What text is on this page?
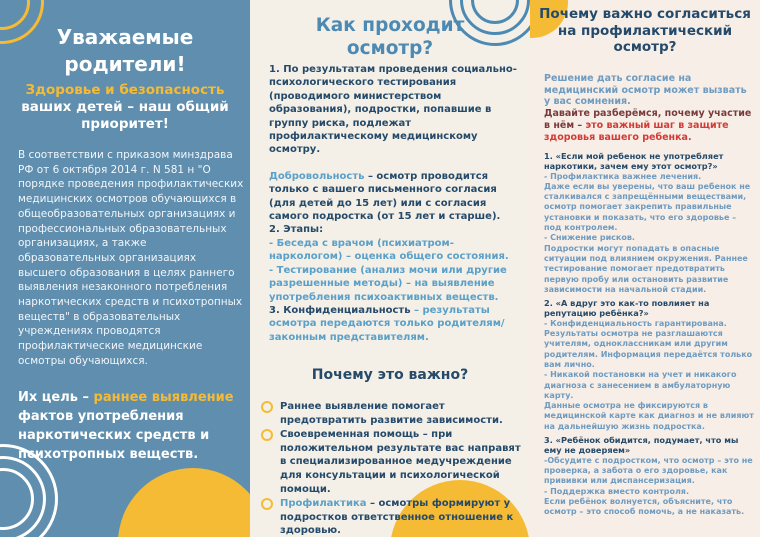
Уважаемые
родители!
Здоровье и безопасность ваших детей – наш общий приоритет!
В соответствии с приказом минздрава РФ от 6 октября 2014 г. N 581 н "О порядке проведения профилактических медицинских осмотров обучающихся в общеобразовательных организациях и профессиональных образовательных организациях, а также образовательных организациях высшего образования в целях раннего выявления незаконного потребления наркотических средств и психотропных веществ" в образовательных учреждениях проводятся профилактические медицинские осмотры обучающихся.
Их цель – раннее выявление фактов употребления наркотических средств и психотропных веществ.
Как проходит
осмотр?
1. По результатам проведения социально-психологического тестирования (проводимого министерством образования), подростки, попавшие в группу риска, подлежат профилактическому медицинскому осмотру.
Добровольность – осмотр проводится только с вашего письменного согласия (для детей до 15 лет) или с согласия самого подростка (от 15 лет и старше).
2. Этапы:
- Беседа с врачом (психиатром-наркологом) – оценка общего состояния.
- Тестирование (анализ мочи или другие разрешенные методы) – на выявление употребления психоактивных веществ.
3. Конфиденциальность – результаты осмотра передаются только родителям/законным представителям.
Почему это важно?
Раннее выявление помогает предотвратить развитие зависимости.
Своевременная помощь – при положительном результате вас направят в специализированное медучреждение для консультации и психологической помощи.
Профилактика – осмотры формируют у подростков ответственное отношение к здоровью.
Почему важно согласиться на профилактический осмотр?
Решение дать согласие на медицинский осмотр может вызвать у вас сомнения.
Давайте разберёмся, почему участие в нём – это важный шаг в защите здоровья вашего ребенка.
1. «Если мой ребенок не употребляет наркотики, зачем ему этот осмотр?»
- Профилактика важнее лечения.
Даже если вы уверены, что ваш ребенок не сталкивался с запрещёнными веществами, осмотр помогает закрепить правильные установки и показать, что его здоровье – под контролем.
- Снижение рисков.
Подростки могут попадать в опасные ситуации под влиянием окружения. Раннее тестирование помогает предотвратить первую пробу или остановить развитие зависимости на начальной стадии.
2. «А вдруг это как-то повлияет на репутацию ребёнка?»
- Конфиденциальность гарантирована. Результаты осмотра не разглашаются учителям, одноклассникам или другим родителям. Информация передаётся только вам лично.
- Никакой постановки на учет и никакого диагноза с занесением в амбулаторную карту.
Данные осмотра не фиксируются в медицинской карте как диагноз и не влияют на дальнейшую жизнь подростка.
3. «Ребёнок обидится, подумает, что мы ему не доверяем»
-Обсудите с подростком, что осмотр – это не проверка, а забота о его здоровье, как прививки или диспансеризация.
- Поддержка вместо контроля.
Если ребёнок волнуется, объясните, что осмотр – это способ помочь, а не наказать.
